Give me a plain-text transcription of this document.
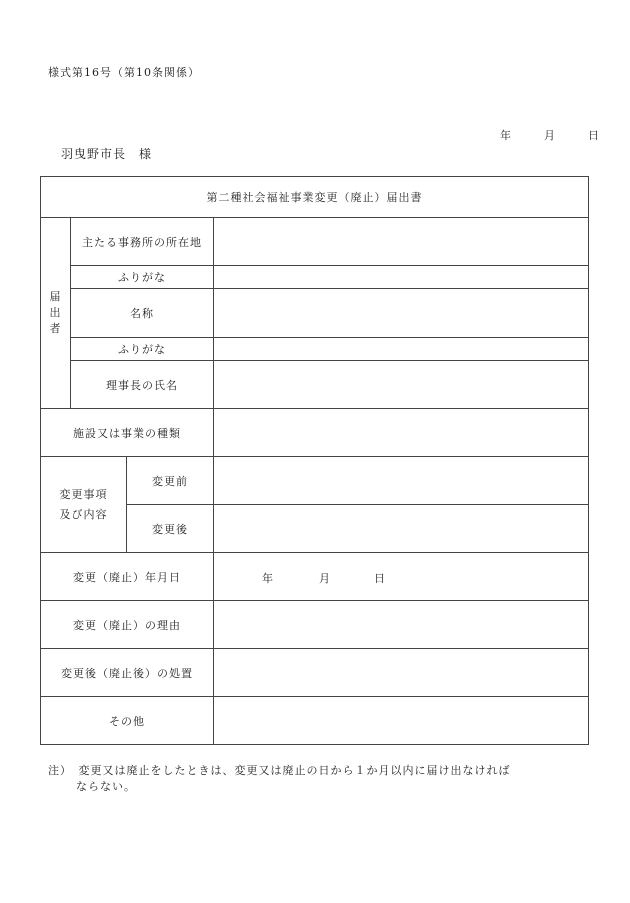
様式第16号（第10条関係）
年	月	日
羽曳野市長　様
第二種社会福祉事業変更（廃止）届出書			

届
出
者	主たる事務所の所在地		
	ふりがな		
	名称		
	ふりがな		
	理事長の氏名		
施設又は事業の種類			

変更事項
及び内容		変更前	
		変更後	
変更（廃止）年月日			年 月 日

変更（廃止）の理由			
変更後（廃止後）の処置			
その他			
注）　変更又は廃止をしたときは、変更又は廃止の日から１か月以内に届け出なければ
ならない。
